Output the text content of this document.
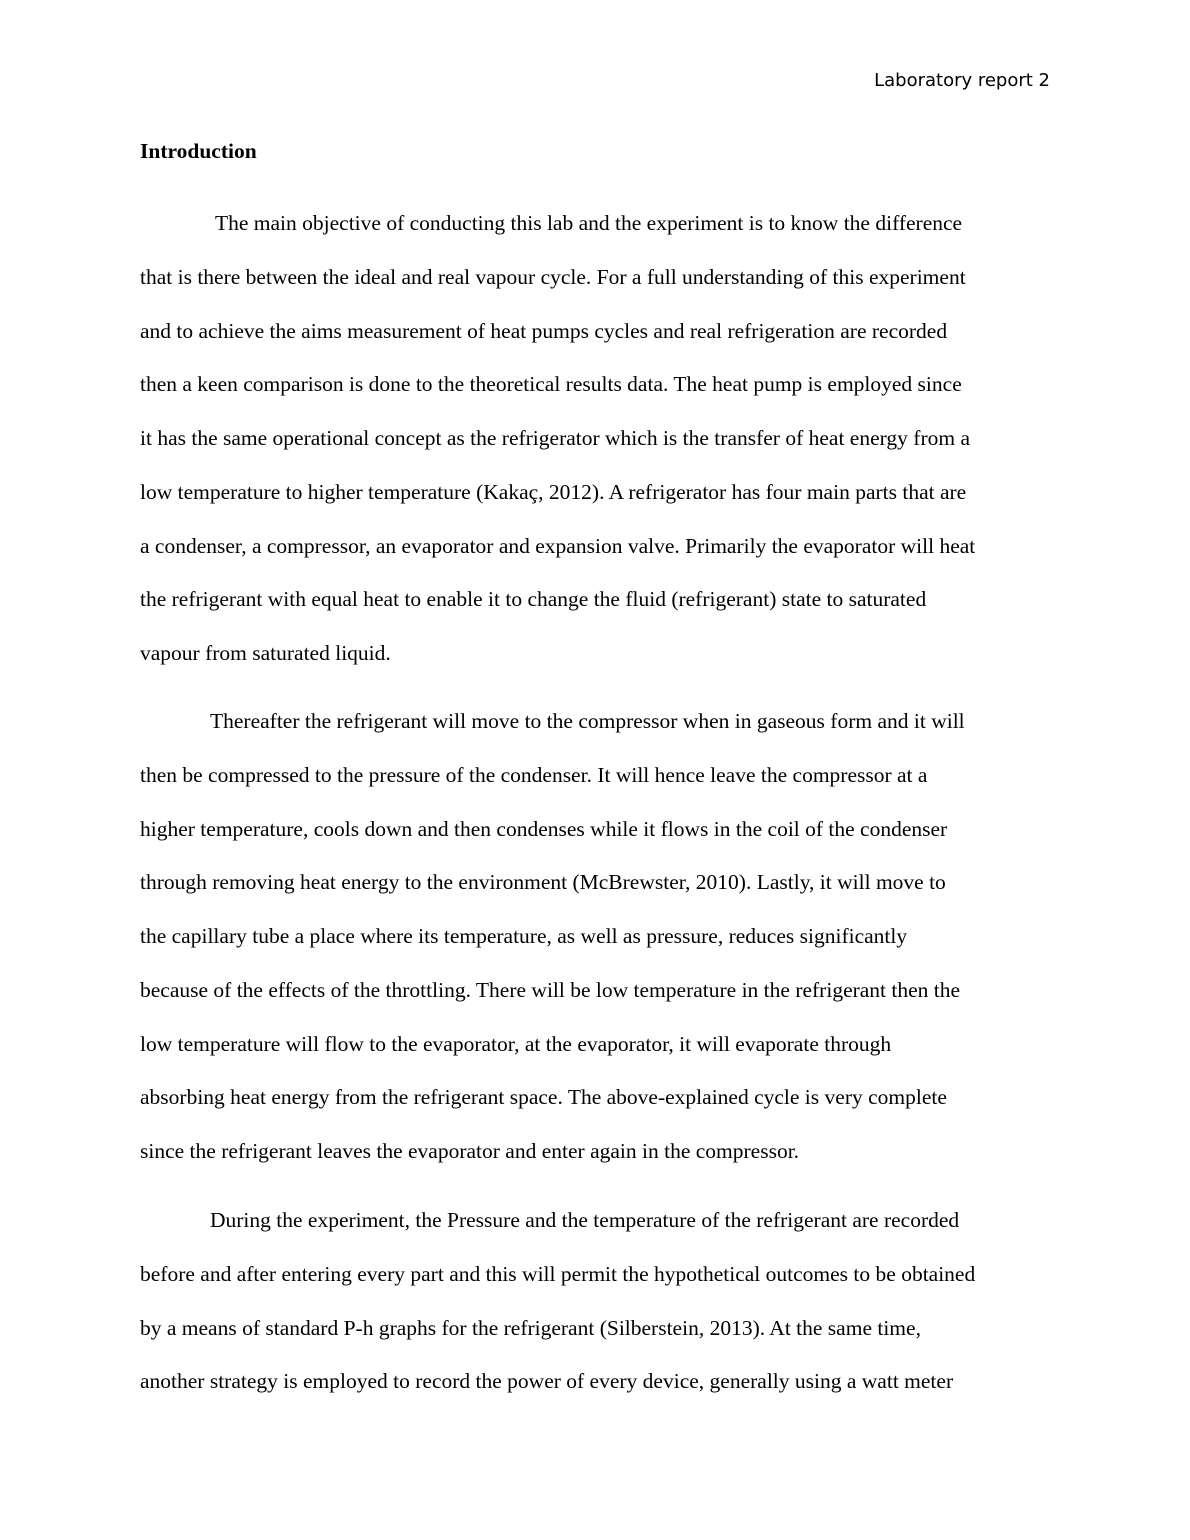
Laboratory report 2
Introduction
The main objective of conducting this lab and the experiment is to know the difference
that is there between the ideal and real vapour cycle. For a full understanding of this experiment
and to achieve the aims measurement of heat pumps cycles and real refrigeration are recorded
then a keen comparison is done to the theoretical results data. The heat pump is employed since
it has the same operational concept as the refrigerator which is the transfer of heat energy from a
low temperature to higher temperature (Kakaç, 2012). A refrigerator has four main parts that are
a condenser, a compressor, an evaporator and expansion valve. Primarily the evaporator will heat
the refrigerant with equal heat to enable it to change the fluid (refrigerant) state to saturated
vapour from saturated liquid.
Thereafter the refrigerant will move to the compressor when in gaseous form and it will
then be compressed to the pressure of the condenser. It will hence leave the compressor at a
higher temperature, cools down and then condenses while it flows in the coil of the condenser
through removing heat energy to the environment (McBrewster, 2010). Lastly, it will move to
the capillary tube a place where its temperature, as well as pressure, reduces significantly
because of the effects of the throttling. There will be low temperature in the refrigerant then the
low temperature will flow to the evaporator, at the evaporator, it will evaporate through
absorbing heat energy from the refrigerant space. The above-explained cycle is very complete
since the refrigerant leaves the evaporator and enter again in the compressor.
During the experiment, the Pressure and the temperature of the refrigerant are recorded
before and after entering every part and this will permit the hypothetical outcomes to be obtained
by a means of standard P-h graphs for the refrigerant (Silberstein, 2013). At the same time,
another strategy is employed to record the power of every device, generally using a watt meter
